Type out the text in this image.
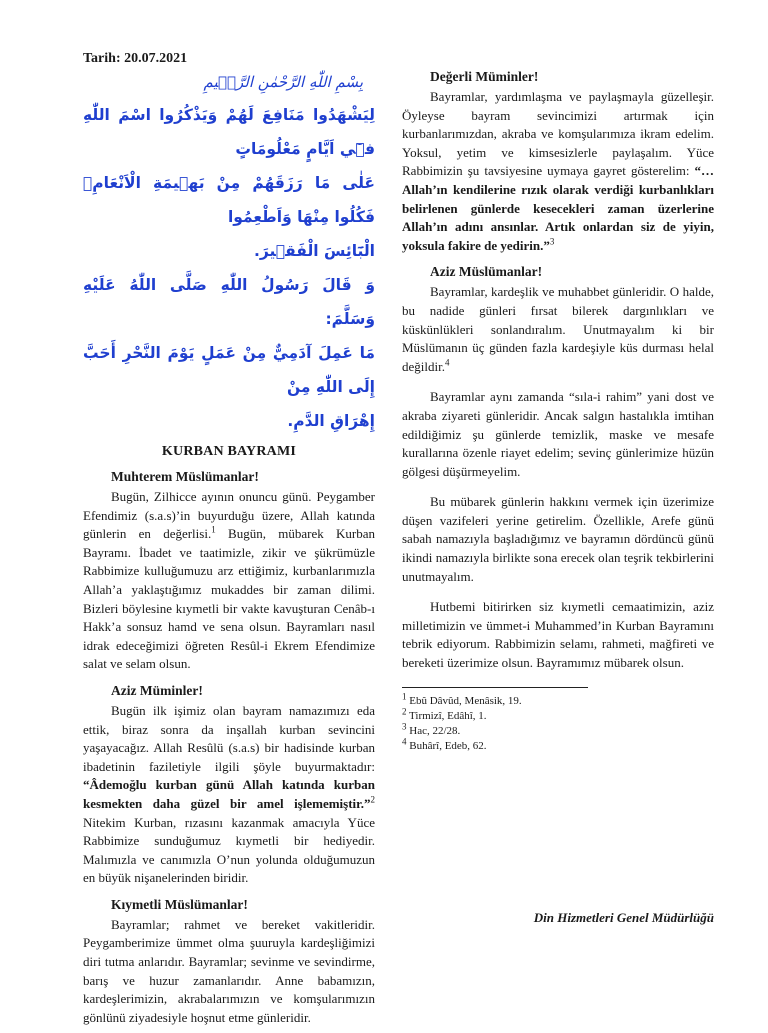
Tarih: 20.07.2021
بِسْمِ اللّٰهِ الرَّحْمٰنِ الرَّح۪يمِ
لِيَشْهَدُوا مَنَافِعَ لَهُمْ وَيَذْكُرُوا اسْمَ اللّٰهِ ف۪ٓي اَيَّامٍ مَعْلُومَاتٍ
عَلٰى مَا رَزَقَهُمْ مِنْ بَه۪يمَةِ الْاَنْعَامِۚ فَكُلُوا مِنْهَا وَاَطْعِمُوا
الْبَٓائِسَ الْفَق۪يرَ.
وَ قَالَ رَسُولُ اللّٰهِ صَلَّى اللّٰهُ عَلَيْهِ وَسَلَّمَ:
مَا عَمِلَ آدَمِيٌّ مِنْ عَمَلٍ يَوْمَ النَّحْرِ أَحَبَّ إِلَى اللّٰهِ مِنْ
إِهْرَاقِ الدَّمِ.
KURBAN BAYRAMI
Muhterem Müslümanlar!

Bugün, Zilhicce ayının onuncu günü. Peygamber Efendimiz (s.a.s)’in buyurduğu üzere, Allah katında günlerin en değerlisi.$^1$ Bugün, mübarek Kurban Bayramı. İbadet ve taatimizle, zikir ve şükrümüzle Rabbimize kulluğumuzu arz ettiğimiz, kurbanlarımızla Allah’a yaklaştığımız mukaddes bir zaman dilimi. Bizleri böylesine kıymetli bir vakte kavuşturan Cenâb-ı Hakk’a sonsuz hamd ve sena olsun. Bayramları nasıl idrak edeceğimizi öğreten Resûl-i Ekrem Efendimize salat ve selam olsun.

Aziz Müminler!

Bugün ilk işimiz olan bayram namazımızı eda ettik, biraz sonra da inşallah kurban sevincini yaşayacağız. Allah Resûlü (s.a.s) bir hadisinde kurban ibadetinin faziletiyle ilgili şöyle buyurmaktadır: “Âdemoğlu kurban günü Allah katında kurban kesmekten daha güzel bir amel işlememiştir.”$^2$ Nitekim Kurban, rızasını kazanmak amacıyla Yüce Rabbimize sunduğumuz kıymetli bir hediyedir. Malımızla ve canımızla O’nun yolunda olduğumuzun en büyük nişanelerinden biridir.

Kıymetli Müslümanlar!

Bayramlar; rahmet ve bereket vakitleridir. Peygamberimize ümmet olma şuuruyla kardeşliğimizi diri tutma anlarıdır. Bayramlar; sevinme ve sevindirme, barış ve huzur zamanlarıdır. Anne babamızın, kardeşlerimizin, akrabalarımızın ve komşularımızın gönlünü ziyadesiyle hoşnut etme günleridir.

Değerli Müminler!

Bayramlar, yardımlaşma ve paylaşmayla güzelleşir. Öyleyse bayram sevincimizi artırmak için kurbanlarımızdan, akraba ve komşularımıza ikram edelim. Yoksul, yetim ve kimsesizlerle paylaşalım. Yüce Rabbimizin şu tavsiyesine uymaya gayret gösterelim: “…Allah’ın kendilerine rızık olarak verdiği kurbanlıkları belirlenen günlerde kesecekleri zaman üzerlerine Allah’ın adını ansınlar. Artık onlardan siz de yiyin, yoksula fakire de yedirin.”$^3$

Aziz Müslümanlar!

Bayramlar, kardeşlik ve muhabbet günleridir. O halde, bu nadide günleri fırsat bilerek dargınlıkları ve küskünlükleri sonlandıralım. Unutmayalım ki bir Müslümanın üç günden fazla kardeşiyle küs durması helal değildir.$^4$

Bayramlar aynı zamanda “sıla-i rahim” yani dost ve akraba ziyareti günleridir. Ancak salgın hastalıkla imtihan edildiğimiz şu günlerde temizlik, maske ve mesafe kurallarına özenle riayet edelim; sevinç günlerimize hüzün gölgesi düşürmeyelim.

Bu mübarek günlerin hakkını vermek için üzerimize düşen vazifeleri yerine getirelim. Özellikle, Arefe günü sabah namazıyla başladığımız ve bayramın dördüncü günü ikindi namazıyla birlikte sona erecek olan teşrik tekbirlerini unutmayalım.

Hutbemi bitirirken siz kıymetli cemaatimizin, aziz milletimizin ve ümmet-i Muhammed’in Kurban Bayramını tebrik ediyorum. Rabbimizin selamı, rahmeti, mağfireti ve bereketi üzerimize olsun. Bayramımız mübarek olsun.

$^1$ Ebû Dâvûd, Menâsik, 19.

$^2$ Tirmizî, Edâhî, 1.

$^3$ Hac, 22/28.

$^4$ Buhârî, Edeb, 62.

Din Hizmetleri Genel Müdürlüğü
